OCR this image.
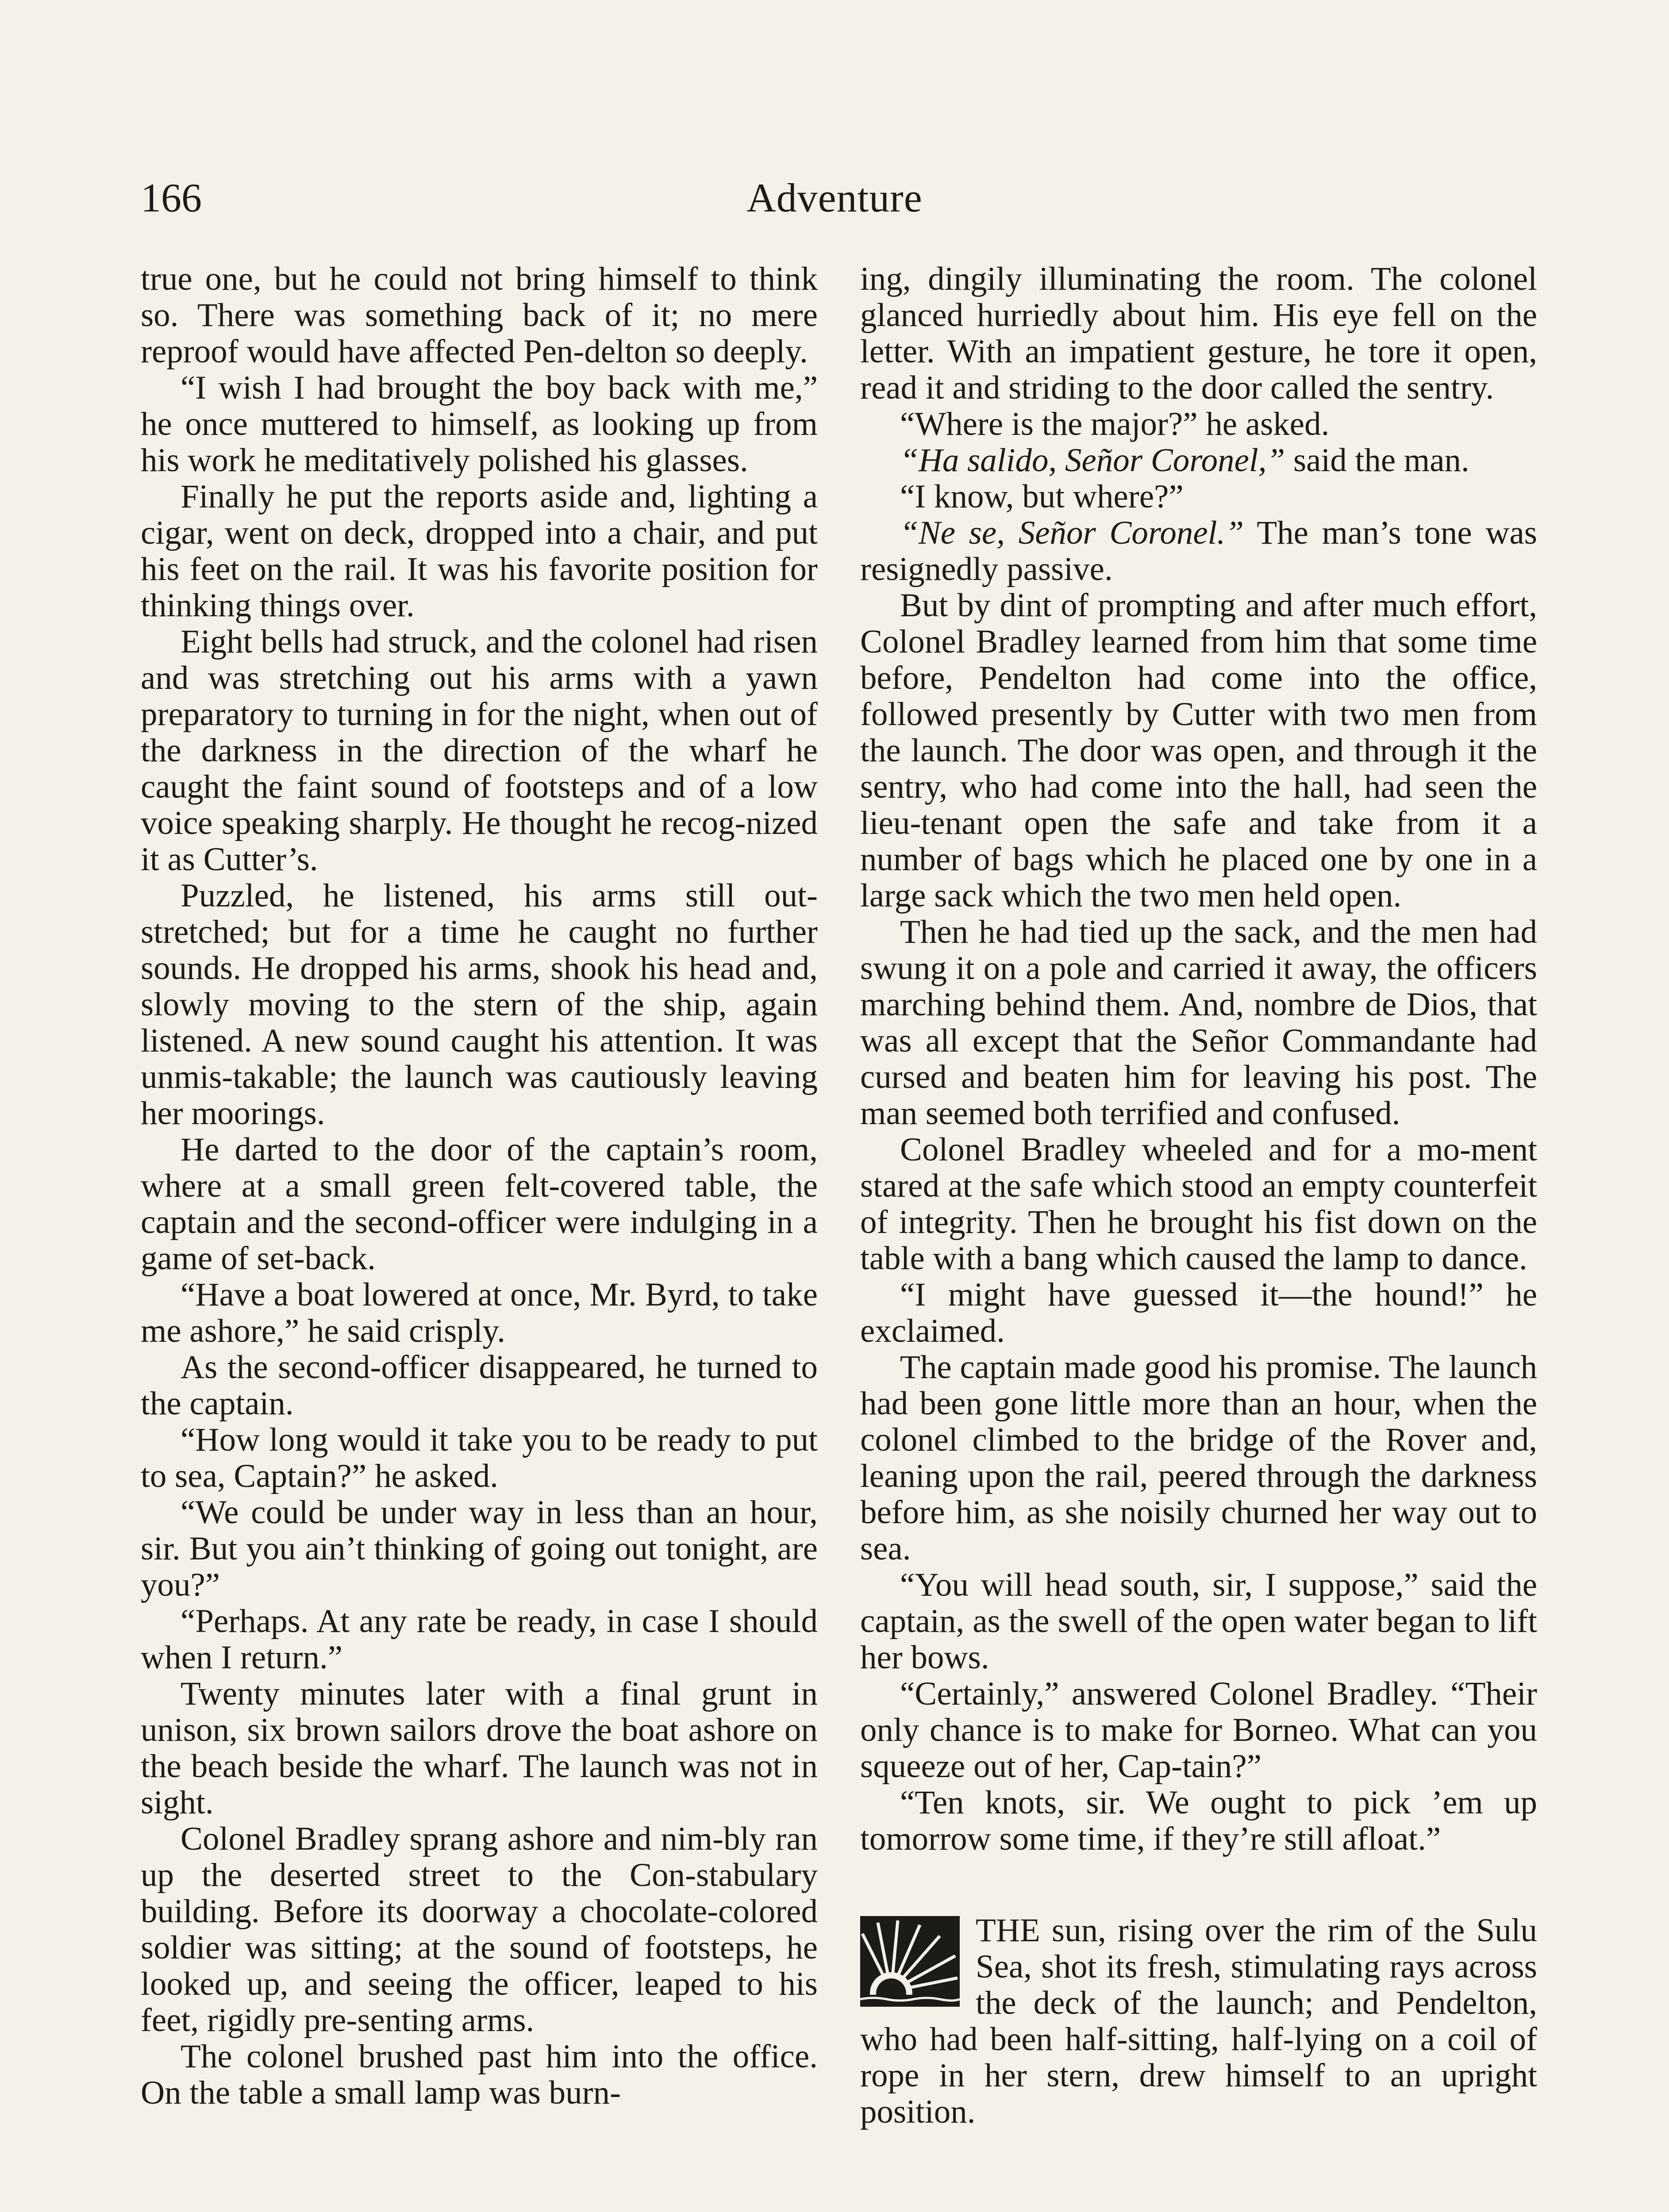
166	Adventure

true one, but he could not bring himself to think so. There was something back of it; no mere reproof would have affected Pen-delton so deeply.

“I wish I had brought the boy back with me,” he once muttered to himself, as looking up from his work he meditatively polished his glasses.

Finally he put the reports aside and, lighting a cigar, went on deck, dropped into a chair, and put his feet on the rail. It was his favorite position for thinking things over.

Eight bells had struck, and the colonel had risen and was stretching out his arms with a yawn preparatory to turning in for the night, when out of the darkness in the direction of the wharf he caught the faint sound of footsteps and of a low voice speaking sharply. He thought he recog-nized it as Cutter’s.

Puzzled, he listened, his arms still out-stretched; but for a time he caught no further sounds. He dropped his arms, shook his head and, slowly moving to the stern of the ship, again listened. A new sound caught his attention. It was unmis-takable; the launch was cautiously leaving her moorings.

He darted to the door of the captain’s room, where at a small green felt-covered table, the captain and the second-officer were indulging in a game of set-back.

“Have a boat lowered at once, Mr. Byrd, to take me ashore,” he said crisply.

As the second-officer disappeared, he turned to the captain.

“How long would it take you to be ready to put to sea, Captain?” he asked.

“We could be under way in less than an hour, sir. But you ain’t thinking of going out tonight, are you?”

“Perhaps. At any rate be ready, in case I should when I return.”

Twenty minutes later with a final grunt in unison, six brown sailors drove the boat ashore on the beach beside the wharf. The launch was not in sight.

Colonel Bradley sprang ashore and nim-bly ran up the deserted street to the Con-stabulary building. Before its doorway a chocolate-colored soldier was sitting; at the sound of footsteps, he looked up, and seeing the officer, leaped to his feet, rigidly pre-senting arms.

The colonel brushed past him into the office. On the table a small lamp was burn-

ing, dingily illuminating the room. The colonel glanced hurriedly about him. His eye fell on the letter. With an impatient gesture, he tore it open, read it and striding to the door called the sentry.

“Where is the major?” he asked.

“Ha salido, Señor Coronel,” said the man.

“I know, but where?”

“Ne se, Señor Coronel.” The man’s tone was resignedly passive.

But by dint of prompting and after much effort, Colonel Bradley learned from him that some time before, Pendelton had come into the office, followed presently by Cutter with two men from the launch. The door was open, and through it the sentry, who had come into the hall, had seen the lieu-tenant open the safe and take from it a number of bags which he placed one by one in a large sack which the two men held open.

Then he had tied up the sack, and the men had swung it on a pole and carried it away, the officers marching behind them. And, nombre de Dios, that was all except that the Señor Commandante had cursed and beaten him for leaving his post. The man seemed both terrified and confused.

Colonel Bradley wheeled and for a mo-ment stared at the safe which stood an empty counterfeit of integrity. Then he brought his fist down on the table with a bang which caused the lamp to dance.

“I might have guessed it—the hound!” he exclaimed.

The captain made good his promise. The launch had been gone little more than an hour, when the colonel climbed to the bridge of the Rover and, leaning upon the rail, peered through the darkness before him, as she noisily churned her way out to sea.

“You will head south, sir, I suppose,” said the captain, as the swell of the open water began to lift her bows.

“Certainly,” answered Colonel Bradley. “Their only chance is to make for Borneo. What can you squeeze out of her, Cap-tain?”

“Ten knots, sir. We ought to pick ’em up tomorrow some time, if they’re still afloat.”

THE sun, rising over the rim of the Sulu Sea, shot its fresh, stimulating rays across the deck of the launch; and Pendelton, who had been half-sitting, half-lying on a coil of rope in her stern, drew himself to an upright position.
